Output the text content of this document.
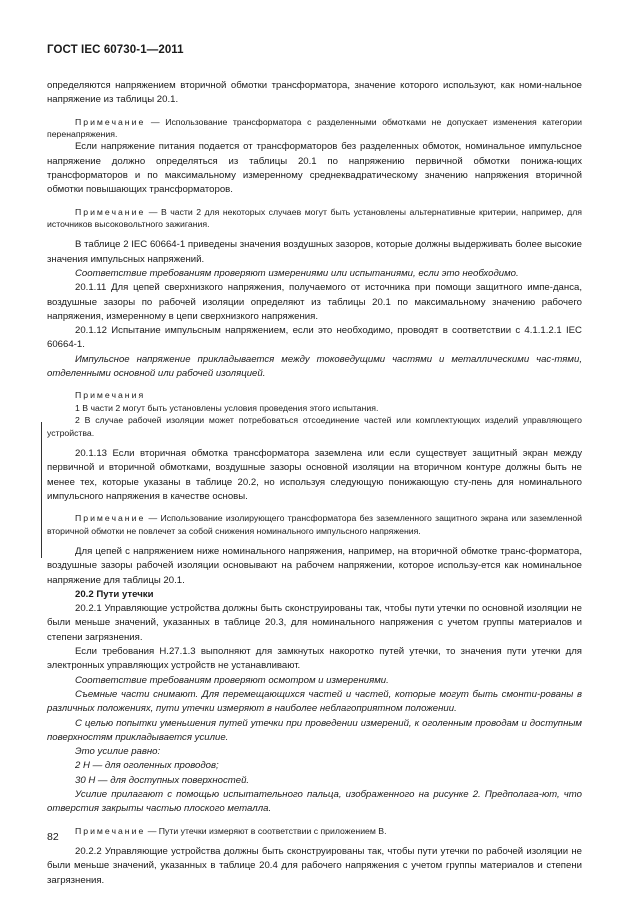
ГОСТ IEC 60730-1—2011

определяются напряжением вторичной обмотки трансформатора, значение которого используют, как номи-нальное напряжение из таблицы 20.1.

Примечание — Использование трансформатора с разделенными обмотками не допускает изменения категории перенапряжения.

Если напряжение питания подается от трансформаторов без разделенных обмоток, номинальное импульсное напряжение должно определяться из таблицы 20.1 по напряжению первичной обмотки понижа-ющих трансформаторов и по максимальному измеренному среднеквадратическому значению напряжения вторичной обмотки повышающих трансформаторов.

Примечание — В части 2 для некоторых случаев могут быть установлены альтернативные критерии, например, для источников высоковольтного зажигания.

В таблице 2 IEC 60664-1 приведены значения воздушных зазоров, которые должны выдерживать более высокие значения импульсных напряжений.

Соответствие требованиям проверяют измерениями или испытаниями, если это необходимо.

20.1.11 Для цепей сверхнизкого напряжения, получаемого от источника при помощи защитного импе-данса, воздушные зазоры по рабочей изоляции определяют из таблицы 20.1 по максимальному значению рабочего напряжения, измеренному в цепи сверхнизкого напряжения.

20.1.12 Испытание импульсным напряжением, если это необходимо, проводят в соответствии с 4.1.1.2.1 IEC 60664-1.

Импульсное напряжение прикладывается между токоведущими частями и металлическими час-тями, отделенными основной или рабочей изоляцией.

Примечания

1 В части 2 могут быть установлены условия проведения этого испытания.

2 В случае рабочей изоляции может потребоваться отсоединение частей или комплектующих изделий управляющего устройства.

20.1.13 Если вторичная обмотка трансформатора заземлена или если существует защитный экран между первичной и вторичной обмотками, воздушные зазоры основной изоляции на вторичном контуре должны быть не менее тех, которые указаны в таблице 20.2, но используя следующую понижающую сту-пень для номинального импульсного напряжения в качестве основы.

Примечание — Использование изолирующего трансформатора без заземленного защитного экрана или заземленной вторичной обмотки не повлечет за собой снижения номинального импульсного напряжения.

Для цепей с напряжением ниже номинального напряжения, например, на вторичной обмотке транс-форматора, воздушные зазоры рабочей изоляции основывают на рабочем напряжении, которое использу-ется как номинальное напряжение для таблицы 20.1.

20.2 Пути утечки

20.2.1 Управляющие устройства должны быть сконструированы так, чтобы пути утечки по основной изоляции не были меньше значений, указанных в таблице 20.3, для номинального напряжения с учетом группы материалов и степени загрязнения.

Если требования Н.27.1.3 выполняют для замкнутых накоротко путей утечки, то значения пути утечки для электронных управляющих устройств не устанавливают.

Соответствие требованиям проверяют осмотром и измерениями.

Съемные части снимают. Для перемещающихся частей и частей, которые могут быть смонти-рованы в различных положениях, пути утечки измеряют в наиболее неблагоприятном положении.

С целью попытки уменьшения путей утечки при проведении измерений, к оголенным проводам и доступным поверхностям прикладывается усилие.

Это усилие равно:

2 Н — для оголенных проводов;

30 Н — для доступных поверхностей.

Усилие прилагают с помощью испытательного пальца, изображенного на рисунке 2. Предполага-ют, что отверстия закрыты частью плоского металла.

Примечание — Пути утечки измеряют в соответствии с приложением В.

20.2.2 Управляющие устройства должны быть сконструированы так, чтобы пути утечки по рабочей изоляции не были меньше значений, указанных в таблице 20.4 для рабочего напряжения с учетом группы материалов и степени загрязнения.

82
